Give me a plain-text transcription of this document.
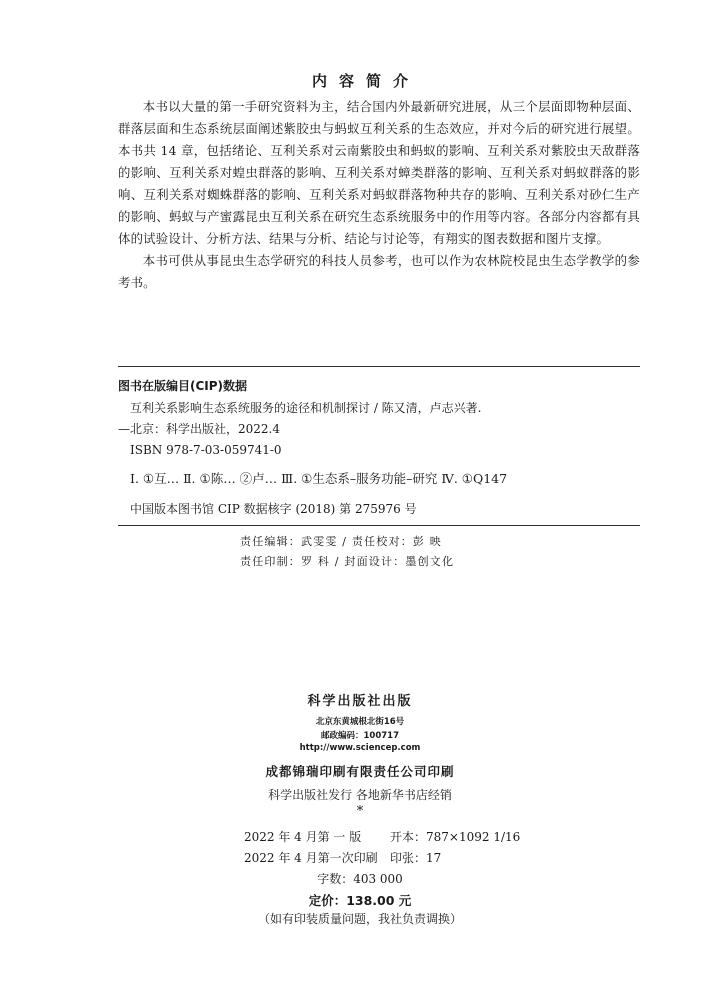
内容简介

本书以大量的第一手研究资料为主，结合国内外最新研究进展，从三个层面即物种层面、群落层面和生态系统层面阐述紫胶虫与蚂蚁互利关系的生态效应，并对今后的研究进行展望。本书共 14 章，包括绪论、互利关系对云南紫胶虫和蚂蚁的影响、互利关系对紫胶虫天敌群落的影响、互利关系对蝗虫群落的影响、互利关系对蟑类群落的影响、互利关系对蚂蚁群落的影响、互利关系对蜘蛛群落的影响、互利关系对蚂蚁群落物种共存的影响、互利关系对砂仁生产的影响、蚂蚁与产蜜露昆虫互利关系在研究生态系统服务中的作用等内容。各部分内容都有具体的试验设计、分析方法、结果与分析、结论与讨论等，有翔实的图表数据和图片支撑。

本书可供从事昆虫生态学研究的科技人员参考，也可以作为农林院校昆虫生态学教学的参考书。

图书在版编目(CIP)数据
互利关系影响生态系统服务的途径和机制探讨 / 陈又清，卢志兴著.
—北京：科学出版社，2022.4
ISBN 978-7-03-059741-0
Ⅰ. ①互… Ⅱ. ①陈… ②卢… Ⅲ. ①生态系–服务功能–研究 Ⅳ. ①Q147
中国版本图书馆 CIP 数据核字 (2018) 第 275976 号
责任编辑：武雯雯 / 责任校对：彭 映
责任印制：罗 科 / 封面设计：墨创文化
科学出版社出版
北京东黄城根北街16号
邮政编码：100717
http://www.sciencep.com
成都锦瑞印刷有限责任公司印刷
科学出版社发行 各地新华书店经销
*
2022 年 4 月第 一 版 开本：787×1092 1/16
2022 年 4 月第一次印刷 印张：17
字数：403 000
定价：138.00 元
（如有印装质量问题，我社负责调换）
